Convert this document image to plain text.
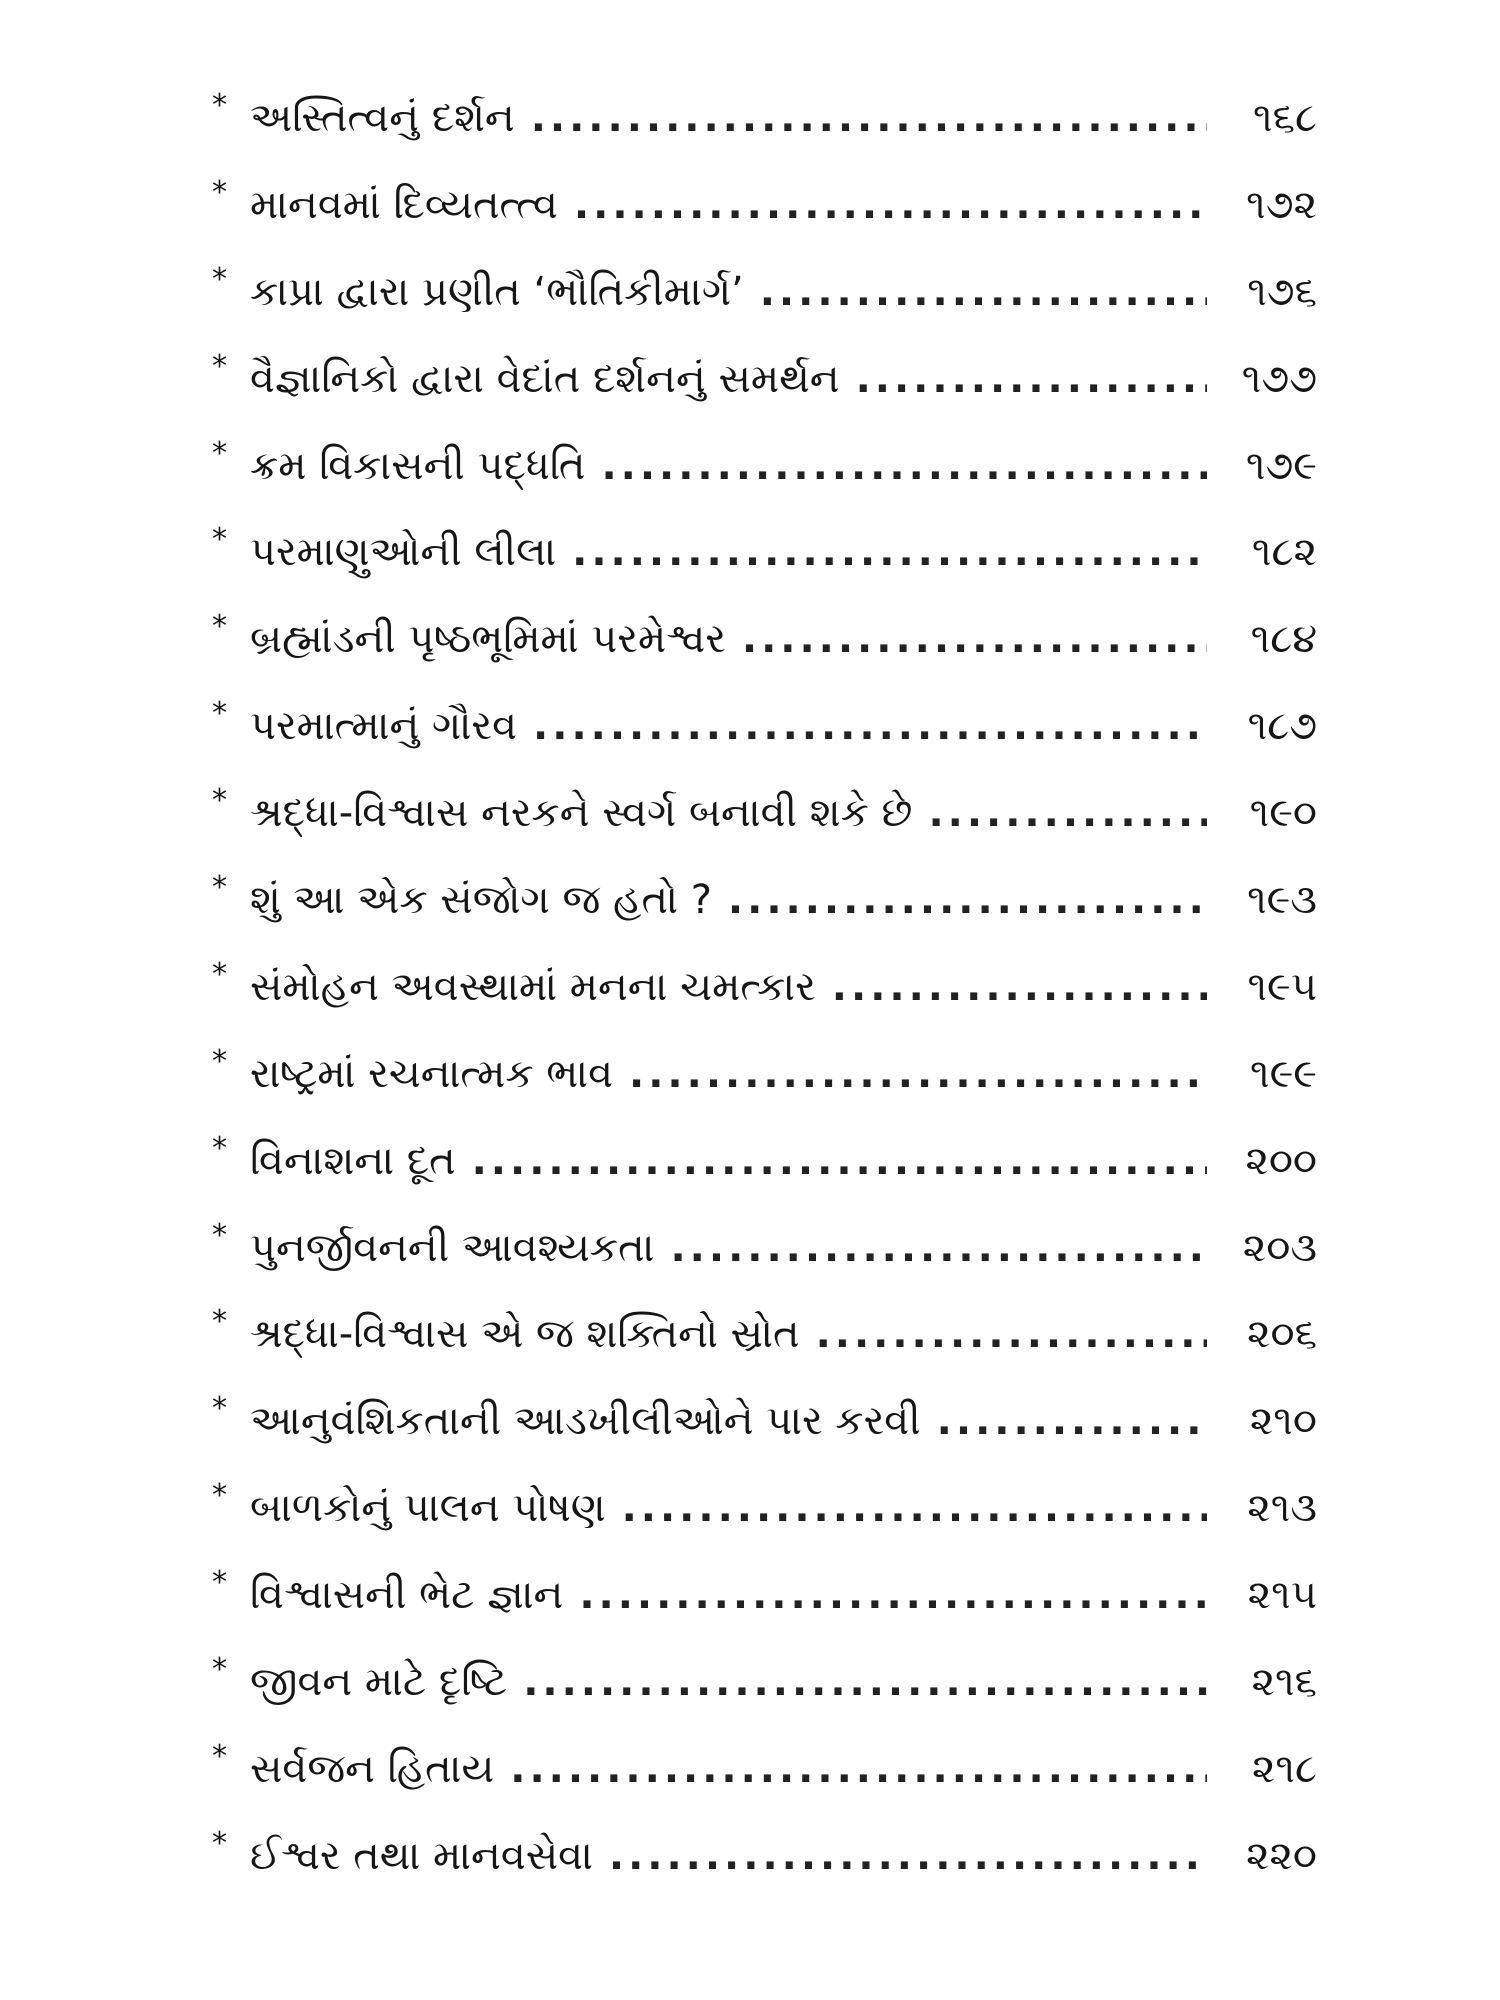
* અસ્તિત્વનું દર્શન .....	૧૬૮
* માનવમાં દિવ્યતત્ત્વ .....	૧૭૨
* કાપ્રા દ્વારા પ્રણીત ‘ભૌતિકીમાર્ગ’ .....	૧૭૬
* વૈજ્ઞાનિકો દ્વારા વેદાંત દર્શનનું સમર્થન .....	૧૭૭
* ક્રમ વિકાસની પદ્ધતિ .....	૧૭૯
* પરમાણુઓની લીલા .....	૧૮૨
* બ્રહ્માંડની પૃષ્ઠભૂમિમાં પરમેશ્વર .....	૧૮૪
* પરમાત્માનું ગૌરવ .....	૧૮૭
* શ્રદ્ધા-વિશ્વાસ નરકને સ્વર્ગ બનાવી શકે છે .....	૧૯૦
* શું આ એક સંજોગ જ હતો ? .....	૧૯૩
* સંમોહન અવસ્થામાં મનના ચમત્કાર .....	૧૯૫
* રાષ્ટ્રમાં રચનાત્મક ભાવ .....	૧૯૯
* વિનાશના દૂત .....	૨૦૦
* પુનર્જીવનની આવશ્યકતા .....	૨૦૩
* શ્રદ્ધા-વિશ્વાસ એ જ શક્તિનો સ્રોત .....	૨૦૬
* આનુવંશિકતાની આડખીલીઓને પાર કરવી .....	૨૧૦
* બાળકોનું પાલન પોષણ .....	૨૧૩
* વિશ્વાસની ભેટ જ્ઞાન .....	૨૧૫
* જીવન માટે દૃષ્ટિ .....	૨૧૬
* સર્વજન હિતાય .....	૨૧૮
* ઈશ્વર તથા માનવસેવા .....	૨૨૦
